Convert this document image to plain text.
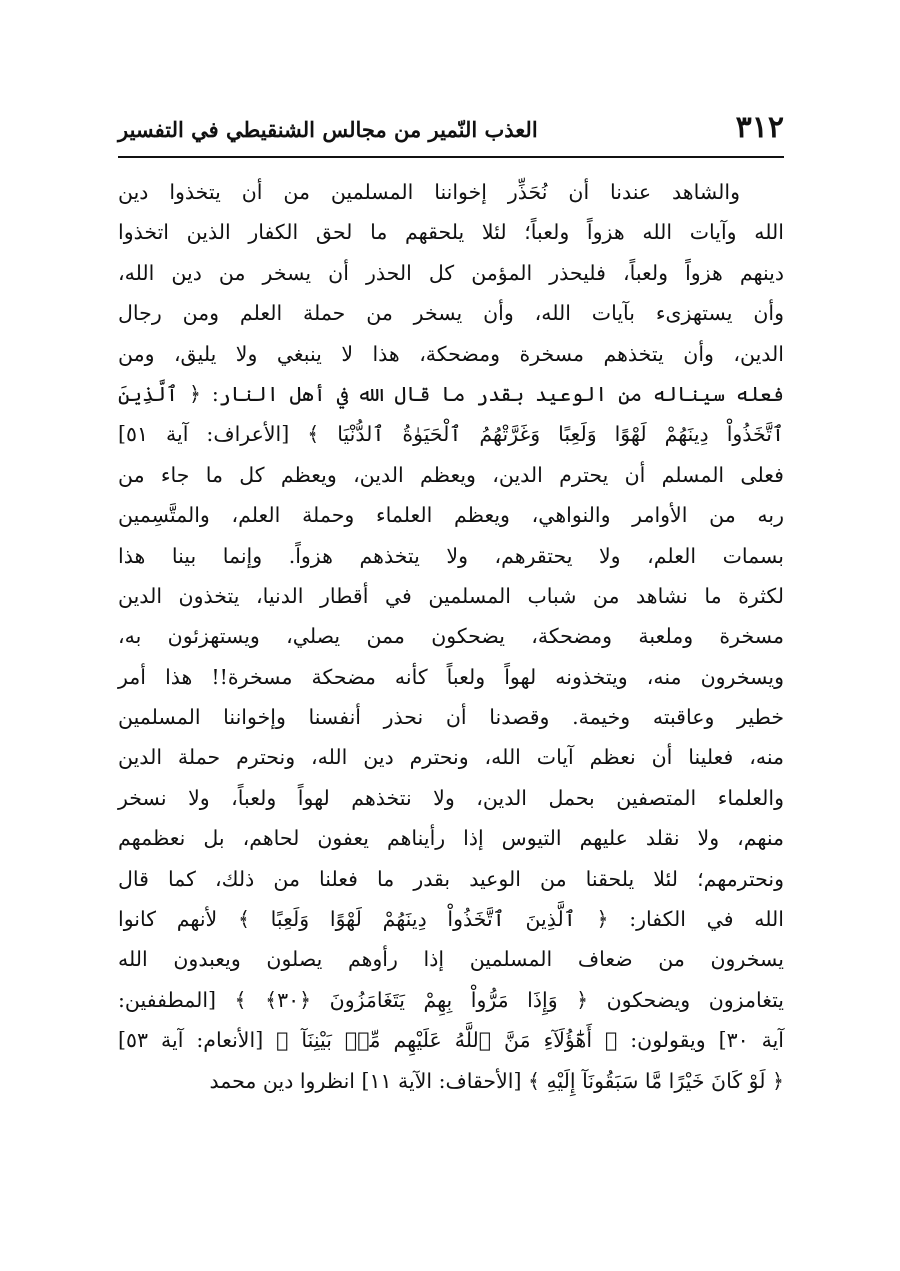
٣١٢
العذب النّمير من مجالس الشنقيطي في التفسير
والشاهد عندنا أن نُحَذِّر إخواننا المسلمين من أن يتخذوا دين
الله وآيات الله هزواً ولعباً؛ لئلا يلحقهم ما لحق الكفار الذين اتخذوا
دينهم هزواً ولعباً، فليحذر المؤمن كل الحذر أن يسخر من دين الله،
وأن يستهزىء بآيات الله، وأن يسخر من حملة العلم ومن رجال
الدين، وأن يتخذهم مسخرة ومضحكة، هذا لا ينبغي ولا يليق، ومن
فعله سيناله من الوعيد بقدر ما قال الله في أهل النار: ﴿ ٱلَّذِينَ
ٱتَّخَذُواْ دِينَهُمْ لَهْوًا وَلَعِبًا وَغَرَّتْهُمُ ٱلْحَيَوٰةُ ٱلدُّنْيَا ﴾ [الأعراف: آية ٥١]
فعلى المسلم أن يحترم الدين، ويعظم الدين، ويعظم كل ما جاء من
ربه من الأوامر والنواهي، ويعظم العلماء وحملة العلم، والمتَّسِمين
بسمات العلم، ولا يحتقرهم، ولا يتخذهم هزواً. وإنما بينا هذا
لكثرة ما نشاهد من شباب المسلمين في أقطار الدنيا، يتخذون الدين
مسخرة وملعبة ومضحكة، يضحكون ممن يصلي، ويستهزئون به،
ويسخرون منه، ويتخذونه لهواً ولعباً كأنه مضحكة مسخرة!! هذا أمر
خطير وعاقبته وخيمة. وقصدنا أن نحذر أنفسنا وإخواننا المسلمين
منه، فعلينا أن نعظم آيات الله، ونحترم دين الله، ونحترم حملة الدين
والعلماء المتصفين بحمل الدين، ولا نتخذهم لهواً ولعباً، ولا نسخر
منهم، ولا نقلد عليهم التيوس إذا رأيناهم يعفون لحاهم، بل نعظمهم
ونحترمهم؛ لئلا يلحقنا من الوعيد بقدر ما فعلنا من ذلك، كما قال
الله في الكفار: ﴿ ٱلَّذِينَ ٱتَّخَذُواْ دِينَهُمْ لَهْوًا وَلَعِبًا ﴾ لأنهم كانوا
يسخرون من ضعاف المسلمين إذا رأوهم يصلون ويعبدون الله
يتغامزون ويضحكون ﴿ وَإِذَا مَرُّواْ بِهِمْ يَتَغَامَزُونَ ﴿٣٠﴾ ﴾ [المطففين:
آية ٣٠] ويقولون: ﴿ أَهَٰٓؤُلَآءِ مَنَّ ٱللَّهُ عَلَيْهِم مِّنۢ بَيْنِنَآ ﴾ [الأنعام: آية ٥٣]
﴿ لَوْ كَانَ خَيْرًا مَّا سَبَقُونَآ إِلَيْهِ ﴾ [الأحقاف: الآية ١١] انظروا دين محمد
